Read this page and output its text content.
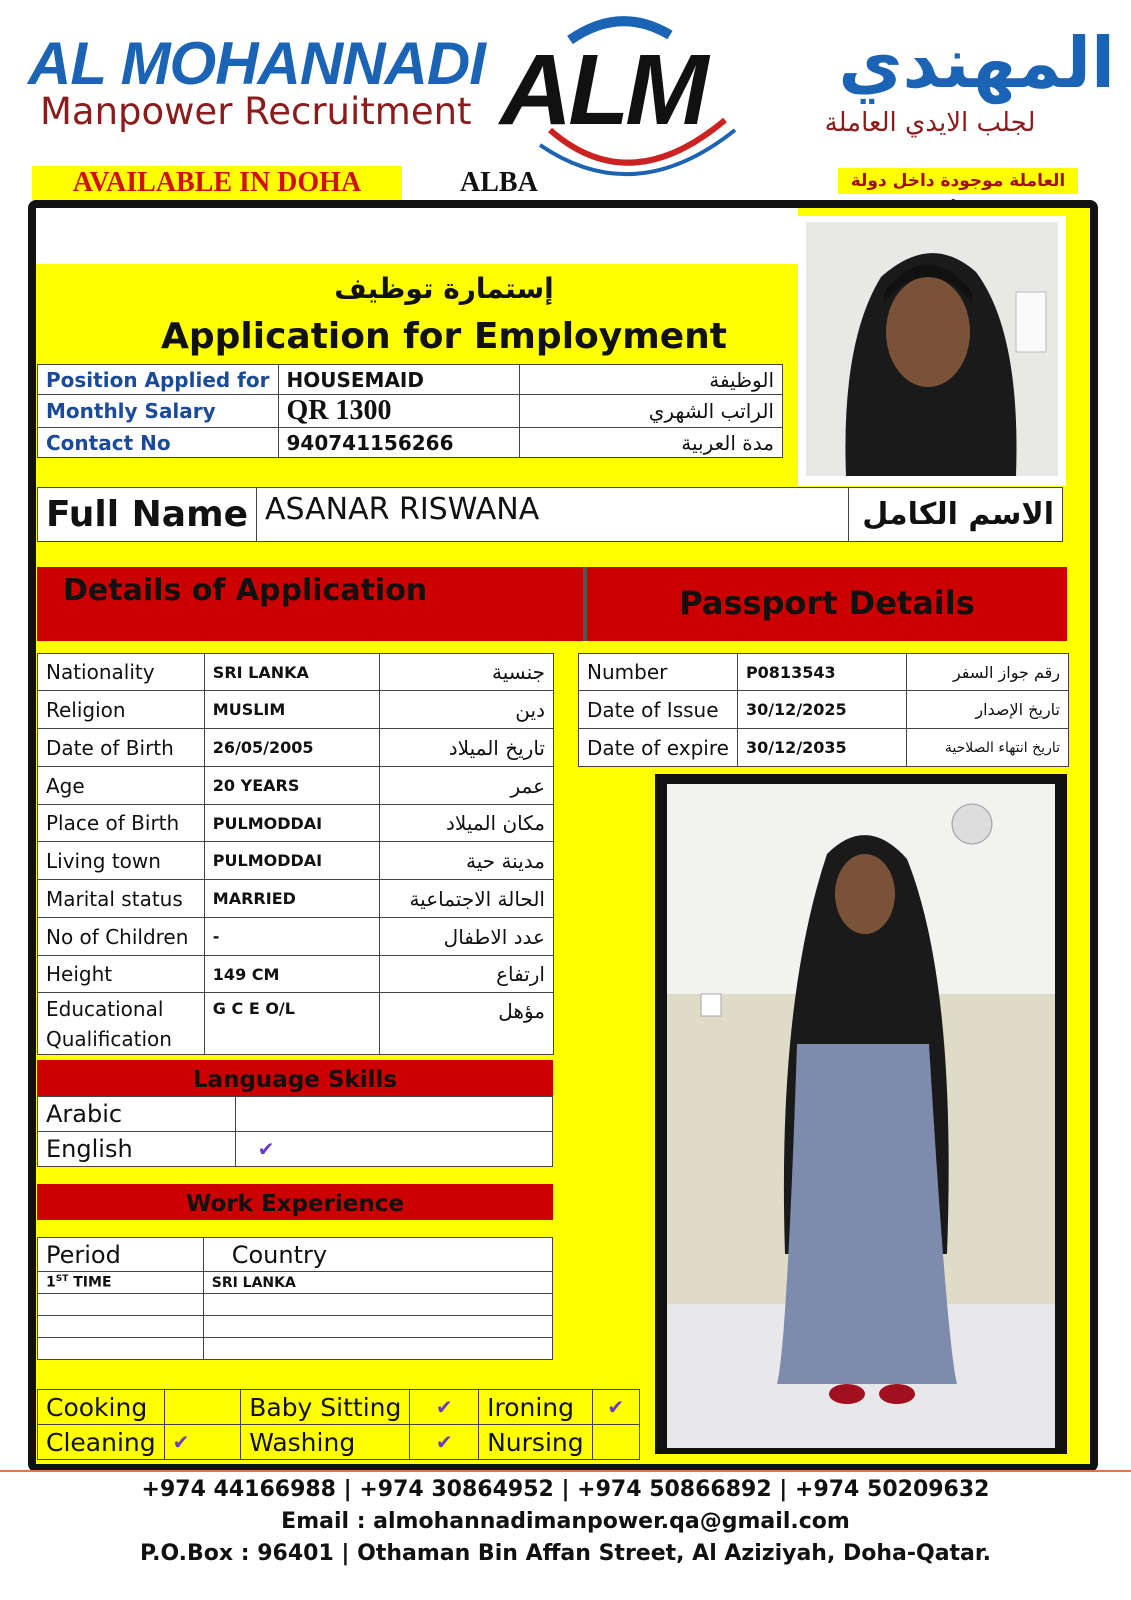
AL MOHANNADI
Manpower Recruitment ALM	المهندي
لجلب الايدي العاملة
AVAILABLE IN DOHA	ALBA	العاملة موجودة داخل دولة
إستمارة توظيف
Application for Employment
Position Applied for	HOUSEMAID	الوظيفة
Monthly Salary	QR 1300	الراتب الشهري
Contact No	940741156266	مدة العربية
Full Name	ASANAR RISWANA	الاسم الكامل
Details of Application	Passport Details
Nationality	SRI LANKA	جنسية
Religion	MUSLIM	دين
Date of Birth	26/05/2005	تاريخ الميلاد
Age	20 YEARS	عمر
Place of Birth	PULMODDAI	مكان الميلاد
Living town	PULMODDAI	مدينة حية
Marital status	MARRIED	الحالة الاجتماعية
No of Children	-	عدد الاطفال
Height	149 CM	ارتفاع
Educational Qualification	G C E O/L	مؤهل
Number	P0813543	رقم جواز السفر
Date of Issue	30/12/2025	تاريخ الإصدار
Date of expire	30/12/2035	تاريخ انتهاء الصلاحية
Language Skills
Arabic	
English	✔
Work Experience
Period	Country
1ST TIME	SRI LANKA

Cooking		Baby Sitting	✔	Ironing	✔
Cleaning	✔	Washing	✔	Nursing	
+974 44166988 | +974 30864952 | +974 50866892 | +974 50209632
Email : almohannadimanpower.qa@gmail.com
P.O.Box : 96401 | Othaman Bin Affan Street, Al Aziziyah, Doha-Qatar.
